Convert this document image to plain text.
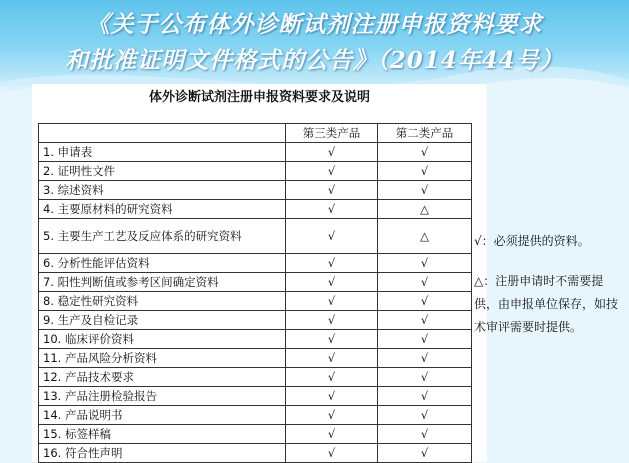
《关于公布体外诊断试剂注册申报资料要求
和批准证明文件格式的公告》（2014年44号）
体外诊断试剂注册申报资料要求及说明
	第三类产品	第二类产品
1. 申请表	√	√
2. 证明性文件	√	√
3. 综述资料	√	√
4. 主要原材料的研究资料	√	△
5. 主要生产工艺及反应体系的研究资料	√	△
6. 分析性能评估资料	√	√
7. 阳性判断值或参考区间确定资料	√	√
8. 稳定性研究资料	√	√
9. 生产及自检记录	√	√
10. 临床评价资料	√	√
11. 产品风险分析资料	√	√
12. 产品技术要求	√	√
13. 产品注册检验报告	√	√
14. 产品说明书	√	√
15. 标签样稿	√	√
16. 符合性声明	√	√
√：必须提供的资料。
△：注册申请时不需要提供，由申报单位保存，如技术审评需要时提供。
